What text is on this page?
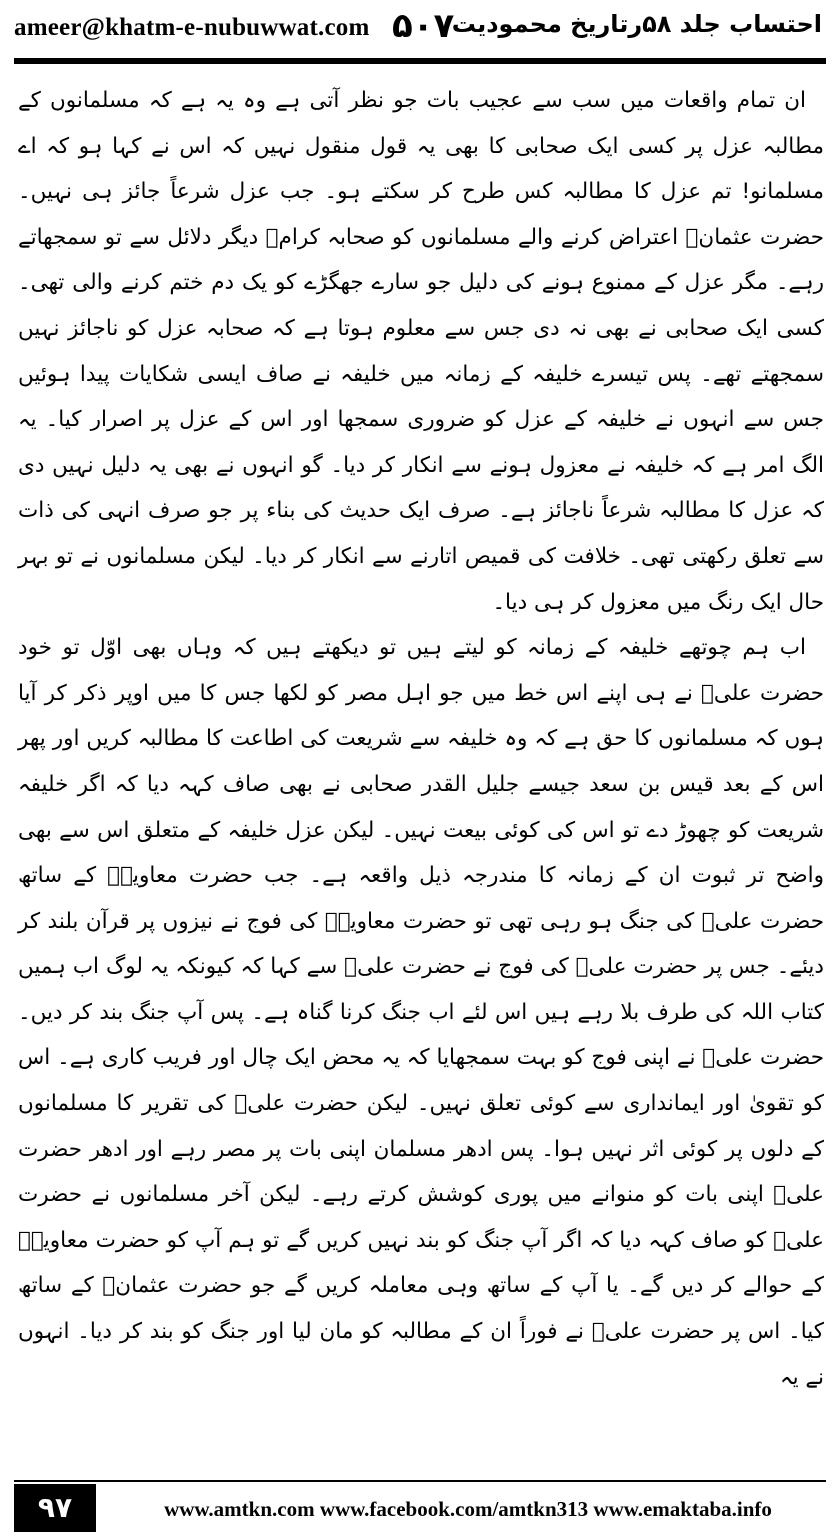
ameer@khatm-e-nubuwwat.com ۵۰۷
احتساب جلد ۵۸رتاریخ محمودیت

ان تمام واقعات میں سب سے عجیب بات جو نظر آتی ہے وہ یہ ہے کہ مسلمانوں کے مطالبہ عزل پر کسی ایک صحابی کا بھی یہ قول منقول نہیں کہ اس نے کہا ہو کہ اے مسلمانو! تم عزل کا مطالبہ کس طرح کر سکتے ہو۔ جب عزل شرعاً جائز ہی نہیں۔ حضرت عثمانؓ اعتراض کرنے والے مسلمانوں کو صحابہ کرامؓ دیگر دلائل سے تو سمجھاتے رہے۔ مگر عزل کے ممنوع ہونے کی دلیل جو سارے جھگڑے کو یک دم ختم کرنے والی تھی۔ کسی ایک صحابی نے بھی نہ دی جس سے معلوم ہوتا ہے کہ صحابہ عزل کو ناجائز نہیں سمجھتے تھے۔ پس تیسرے خلیفہ کے زمانہ میں خلیفہ نے صاف ایسی شکایات پیدا ہوئیں جس سے انہوں نے خلیفہ کے عزل کو ضروری سمجھا اور اس کے عزل پر اصرار کیا۔ یہ الگ امر ہے کہ خلیفہ نے معزول ہونے سے انکار کر دیا۔ گو انہوں نے بھی یہ دلیل نہیں دی کہ عزل کا مطالبہ شرعاً ناجائز ہے۔ صرف ایک حدیث کی بناء پر جو صرف انہی کی ذات سے تعلق رکھتی تھی۔ خلافت کی قمیص اتارنے سے انکار کر دیا۔ لیکن مسلمانوں نے تو بہر حال ایک رنگ میں معزول کر ہی دیا۔

اب ہم چوتھے خلیفہ کے زمانہ کو لیتے ہیں تو دیکھتے ہیں کہ وہاں بھی اوّل تو خود حضرت علیؓ نے ہی اپنے اس خط میں جو اہل مصر کو لکھا جس کا میں اوپر ذکر کر آیا ہوں کہ مسلمانوں کا حق ہے کہ وہ خلیفہ سے شریعت کی اطاعت کا مطالبہ کریں اور پھر اس کے بعد قیس بن سعد جیسے جلیل القدر صحابی نے بھی صاف کہہ دیا کہ اگر خلیفہ شریعت کو چھوڑ دے تو اس کی کوئی بیعت نہیں۔ لیکن عزل خلیفہ کے متعلق اس سے بھی واضح تر ثبوت ان کے زمانہ کا مندرجہ ذیل واقعہ ہے۔ جب حضرت معاویہؓ کے ساتھ حضرت علیؓ کی جنگ ہو رہی تھی تو حضرت معاویہؓ کی فوج نے نیزوں پر قرآن بلند کر دیئے۔ جس پر حضرت علیؓ کی فوج نے حضرت علیؓ سے کہا کہ کیونکہ یہ لوگ اب ہمیں کتاب اللہ کی طرف بلا رہے ہیں اس لئے اب جنگ کرنا گناہ ہے۔ پس آپ جنگ بند کر دیں۔ حضرت علیؓ نے اپنی فوج کو بہت سمجھایا کہ یہ محض ایک چال اور فریب کاری ہے۔ اس کو تقویٰ اور ایمانداری سے کوئی تعلق نہیں۔ لیکن حضرت علیؓ کی تقریر کا مسلمانوں کے دلوں پر کوئی اثر نہیں ہوا۔ پس ادھر مسلمان اپنی بات پر مصر رہے اور ادھر حضرت علیؓ اپنی بات کو منوانے میں پوری کوشش کرتے رہے۔ لیکن آخر مسلمانوں نے حضرت علیؓ کو صاف کہہ دیا کہ اگر آپ جنگ کو بند نہیں کریں گے تو ہم آپ کو حضرت معاویہؓ کے حوالے کر دیں گے۔ یا آپ کے ساتھ وہی معاملہ کریں گے جو حضرت عثمانؓ کے ساتھ کیا۔ اس پر حضرت علیؓ نے فوراً ان کے مطالبہ کو مان لیا اور جنگ کو بند کر دیا۔ انہوں نے یہ

۹۷	www.amtkn.com www.facebook.com/amtkn313 www.emaktaba.info
